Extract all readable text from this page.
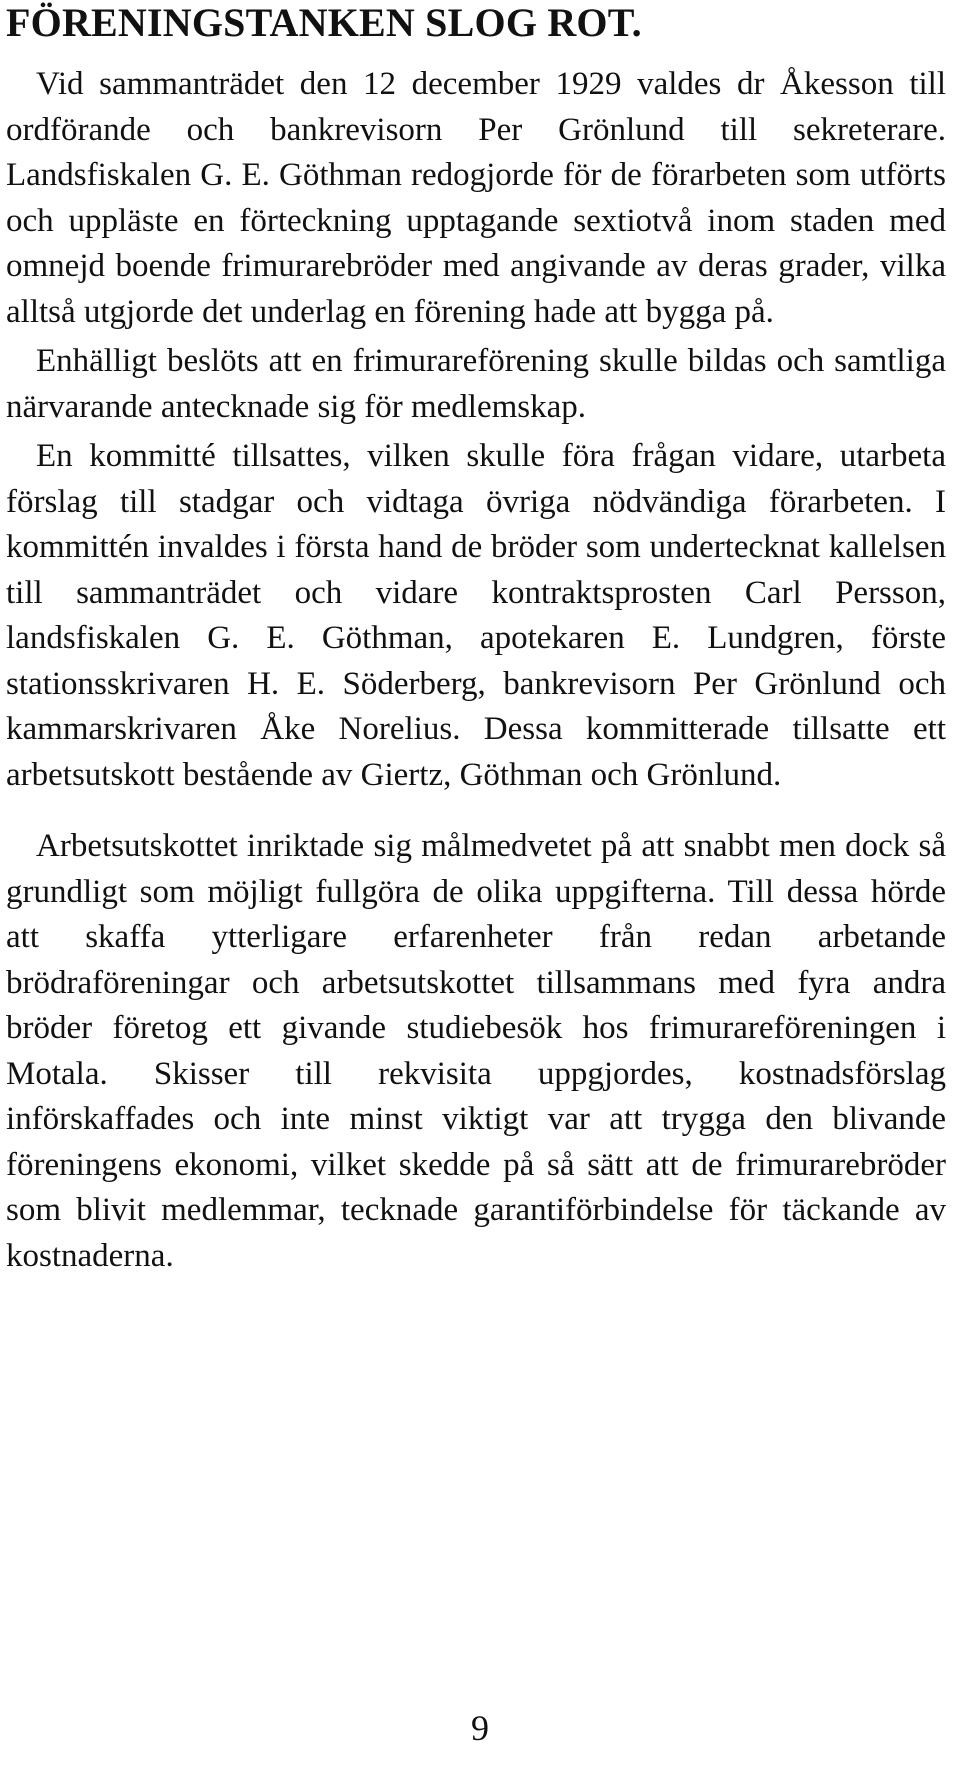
FÖRENINGSTANKEN SLOG ROT.

Vid sammanträdet den 12 december 1929 valdes dr Åkesson till ordförande och bankrevisorn Per Grönlund till sekreterare. Landsfiskalen G. E. Göthman redogjorde för de förarbeten som utförts och uppläste en förteckning upptagande sextiotvå inom staden med omnejd boende frimurarebröder med angivande av deras grader, vilka alltså utgjorde det underlag en förening hade att bygga på.

Enhälligt beslöts att en frimurareförening skulle bildas och samtliga närvarande antecknade sig för medlemskap.

En kommitté tillsattes, vilken skulle föra frågan vidare, utarbeta förslag till stadgar och vidtaga övriga nödvändiga förarbeten. I kommittén invaldes i första hand de bröder som undertecknat kallelsen till sammanträdet och vidare kontraktsprosten Carl Persson, landsfiskalen G. E. Göthman, apotekaren E. Lundgren, förste stationsskrivaren H. E. Söderberg, bankrevisorn Per Grönlund och kammarskrivaren Åke Norelius. Dessa kommitterade tillsatte ett arbetsutskott bestående av Giertz, Göthman och Grönlund.

Arbetsutskottet inriktade sig målmedvetet på att snabbt men dock så grundligt som möjligt fullgöra de olika uppgifterna. Till dessa hörde att skaffa ytterligare erfarenheter från redan arbetande brödraföreningar och arbetsutskottet tillsammans med fyra andra bröder företog ett givande studiebesök hos frimurareföreningen i Motala. Skisser till rekvisita uppgjordes, kostnadsförslag införskaffades och inte minst viktigt var att trygga den blivande föreningens ekonomi, vilket skedde på så sätt att de frimurarebröder som blivit medlemmar, tecknade garantiförbindelse för täckande av kostnaderna.

9
